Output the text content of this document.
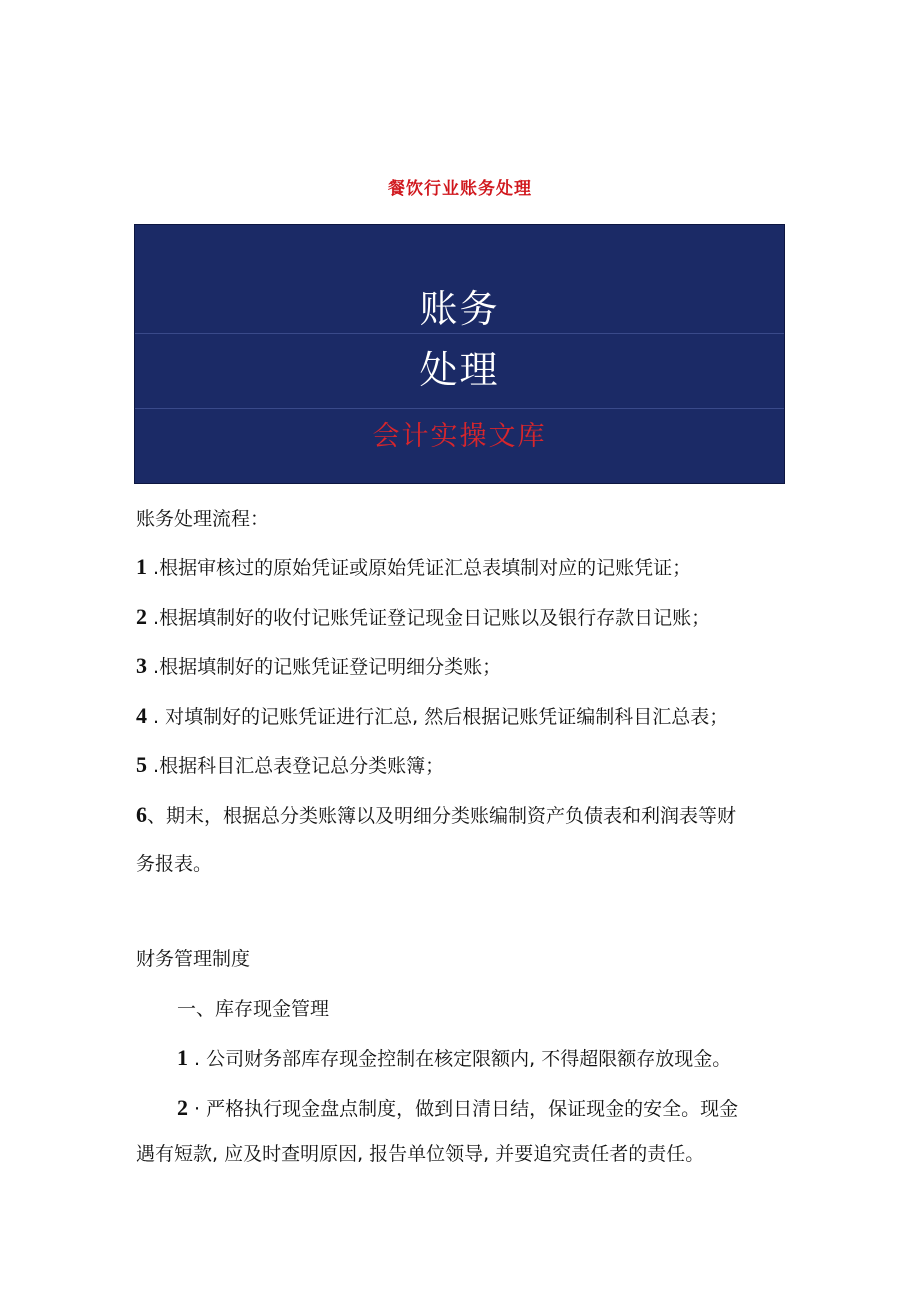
餐饮行业账务处理
账务
处理
会计实操文库
账务处理流程：
1 .根据审核过的原始凭证或原始凭证汇总表填制对应的记账凭证；
2 .根据填制好的收付记账凭证登记现金日记账以及银行存款日记账；
3 .根据填制好的记账凭证登记明细分类账；
4 . 对填制好的记账凭证进行汇总, 然后根据记账凭证编制科目汇总表；
5 .根据科目汇总表登记总分类账簿；
6、期末，根据总分类账簿以及明细分类账编制资产负债表和利润表等财
务报表。
财务管理制度
一、库存现金管理
1 . 公司财务部库存现金控制在核定限额内, 不得超限额存放现金。
2 · 严格执行现金盘点制度，做到日清日结，保证现金的安全。现金
遇有短款, 应及时查明原因, 报告单位领导, 并要追究责任者的责任。
